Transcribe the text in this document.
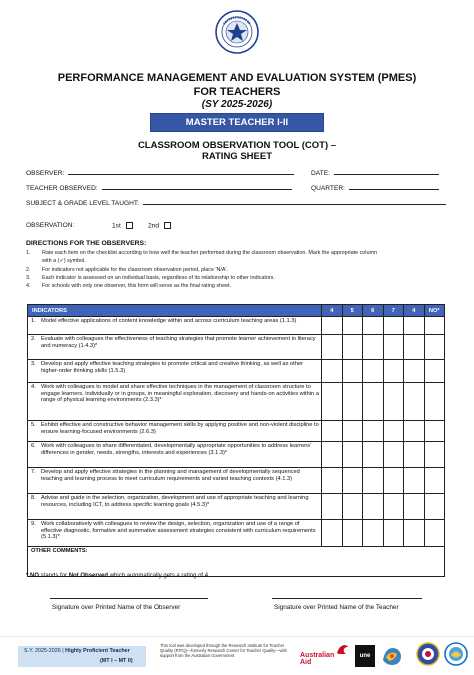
PERFORMANCE MANAGEMENT AND EVALUATION SYSTEM (PMES)
FOR TEACHERS
(SY 2025-2026)
MASTER TEACHER I-II
CLASSROOM OBSERVATION TOOL (COT) –
RATING SHEET
OBSERVER:	DATE:
TEACHER OBSERVED:	QUARTER:
SUBJECT & GRADE LEVEL TAUGHT:
OBSERVATION:	1st	2nd
DIRECTIONS FOR THE OBSERVERS:
1. Rate each item on the checklist according to how well the teacher performed during the classroom observation. Mark the appropriate column
with a (✓) symbol.
2. For indicators not applicable for the classroom observation period, place 'N/A'.
3. Each indicator is assessed on an individual basis, regardless of its relationship to other indicators.
4. For schools with only one observer, this form will serve as the final rating sheet.
INDICATORS	4	5	6	7	4	NO*

1. Model effective applications of content knowledge within and across curriculum teaching areas (1.1.3)						

2. Evaluate with colleagues the effectiveness of teaching strategies that promote learner achievement in literacy and numeracy (1.4.3)*						

3. Develop and apply effective teaching strategies to promote critical and creative thinking, as well as other higher-order thinking skills (1.5.3)						

4. Work with colleagues to model and share effective techniques in the management of classroom structure to engage learners, individually or in groups, in meaningful exploration, discovery and hands-on activities within a range of physical learning environments (2.3.3)*						

5. Exhibit effective and constructive behavior management skills by applying positive and non-violent discipline to ensure learning-focused environments (2.6.3)						

6. Work with colleagues to share differentiated, developmentally appropriate opportunities to address learners' differences in gender, needs, strengths, interests and experiences (3.1.3)*						

7. Develop and apply effective strategies in the planning and management of developmentally sequenced teaching and learning process to meet curriculum requirements and varied teaching contexts (4.1.3)						

8. Advise and guide in the selection, organization, development and use of appropriate teaching and learning resources, including ICT, to address specific learning goals (4.5.3)*						

9. Work collaboratively with colleagues to review the design, selection, organization and use of a range of effective diagnostic, formative and summative assessment strategies consistent with curriculum requirements (5.1.3)*						
OTHER COMMENTS:						
* NO stands for Not Observed which automatically gets a rating of 4.
Signature over Printed Name of the Observer	Signature over Printed Name of the Teacher
S.Y. 2025-2026 | Highly Proficient Teacher
(MT I – MT II)
This tool was developed through the Research Institute for Teacher Quality (RITQ)—formerly Research Center for Teacher Quality—with support from the Australian Government	Australian
Aid
une
